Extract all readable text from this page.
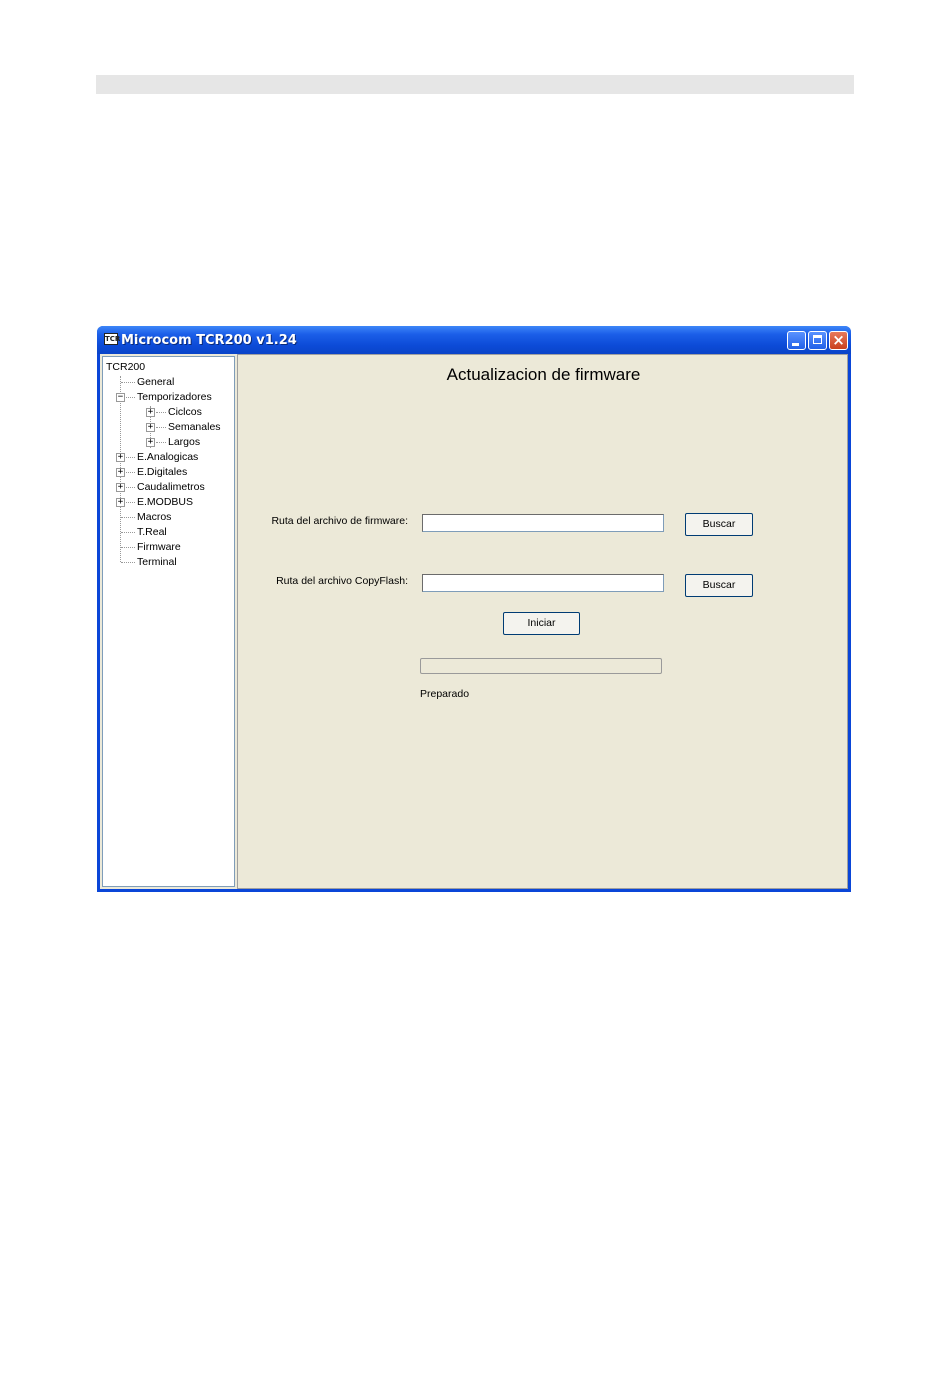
TCR Microcom TCR200 v1.24	×
TCR200
General
− Temporizadores
+ Ciclcos
+ Semanales
+ Largos
+ E.Analogicas
+ E.Digitales
+ Caudalimetros
+ E.MODBUS
Macros
T.Real
Firmware
Terminal
Actualizacion de firmware
Ruta del archivo de firmware:	Buscar
Ruta del archivo CopyFlash:	Buscar
Iniciar
Preparado
